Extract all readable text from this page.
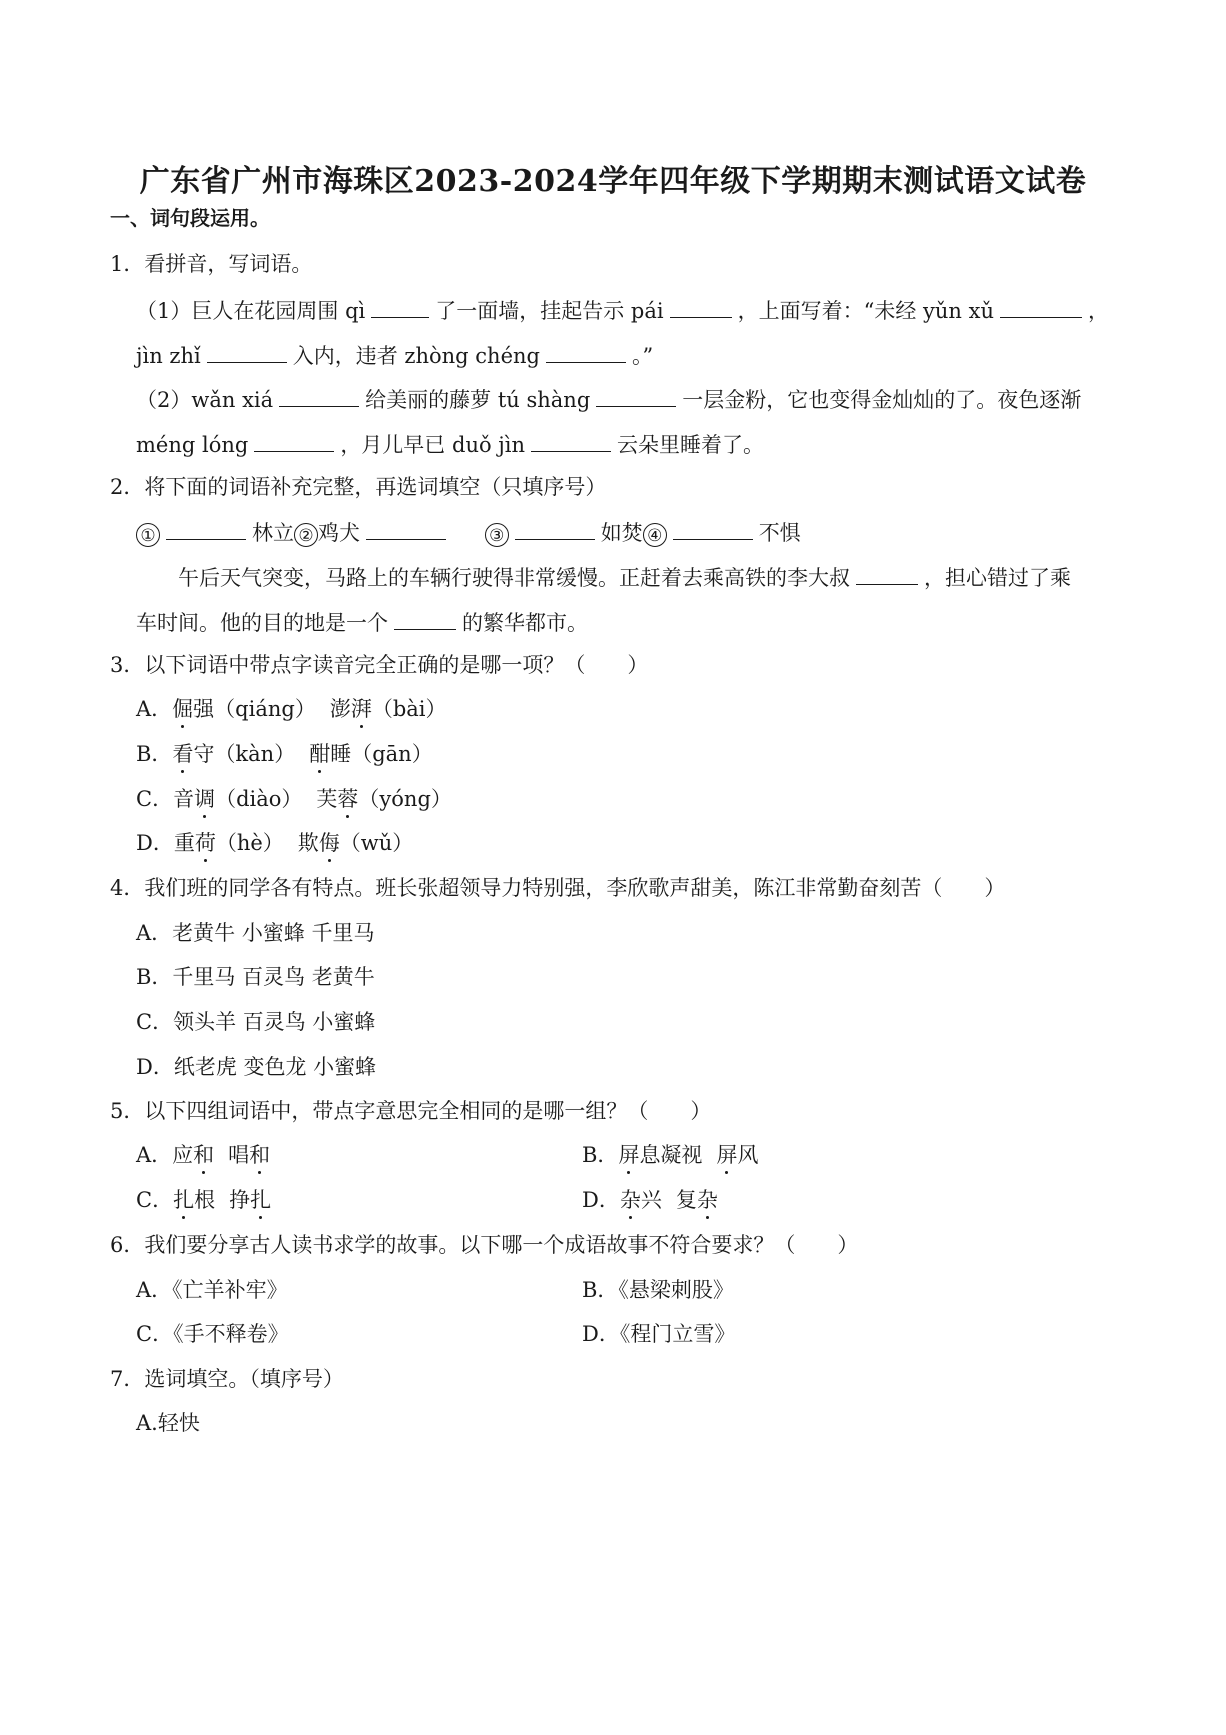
广东省广州市海珠区2023-2024学年四年级下学期期末测试语文试卷
一、词句段运用。
1．看拼音，写词语。
（1）巨人在花园周围 qì	了一面墙，挂起告示 pái	，上面写着：“未经 yǔn xǔ	，
jìn zhǐ	入内，违者 zhòng chéng	。”
（2）wǎn xiá	给美丽的藤萝 tú shàng	一层金粉，它也变得金灿灿的了。夜色逐渐
méng lóng	，月儿早已 duǒ jìn	云朵里睡着了。
2．将下面的词语补充完整，再选词填空（只填序号）
①	林立 ② 鸡犬	③	如焚 ④	不惧
午后天气突变，马路上的车辆行驶得非常缓慢。正赶着去乘高铁的李大叔	，担心错过了乘
车时间。他的目的地是一个	的繁华都市。
3．以下词语中带点字读音完全正确的是哪一项？（　　）
A．倔强（qiáng） 澎湃（bài）
B．看守（kàn） 酣睡（gān）
C．音调（diào） 芙蓉（yóng）
D．重荷（hè） 欺侮（wǔ）
4．我们班的同学各有特点。班长张超领导力特别强，李欣歌声甜美，陈江非常勤奋刻苦（　　）
A．老黄牛 小蜜蜂 千里马
B．千里马 百灵鸟 老黄牛
C．领头羊 百灵鸟 小蜜蜂
D．纸老虎 变色龙 小蜜蜂
5．以下四组词语中，带点字意思完全相同的是哪一组？（　　）
A．应和 唱和	B．屏息凝视 屏风
C．扎根 挣扎	D．杂兴 复杂
6．我们要分享古人读书求学的故事。以下哪一个成语故事不符合要求？（　　）
A．《亡羊补牢》	B．《悬梁刺股》
C．《手不释卷》	D．《程门立雪》
7．选词填空。（填序号）
A.轻快
